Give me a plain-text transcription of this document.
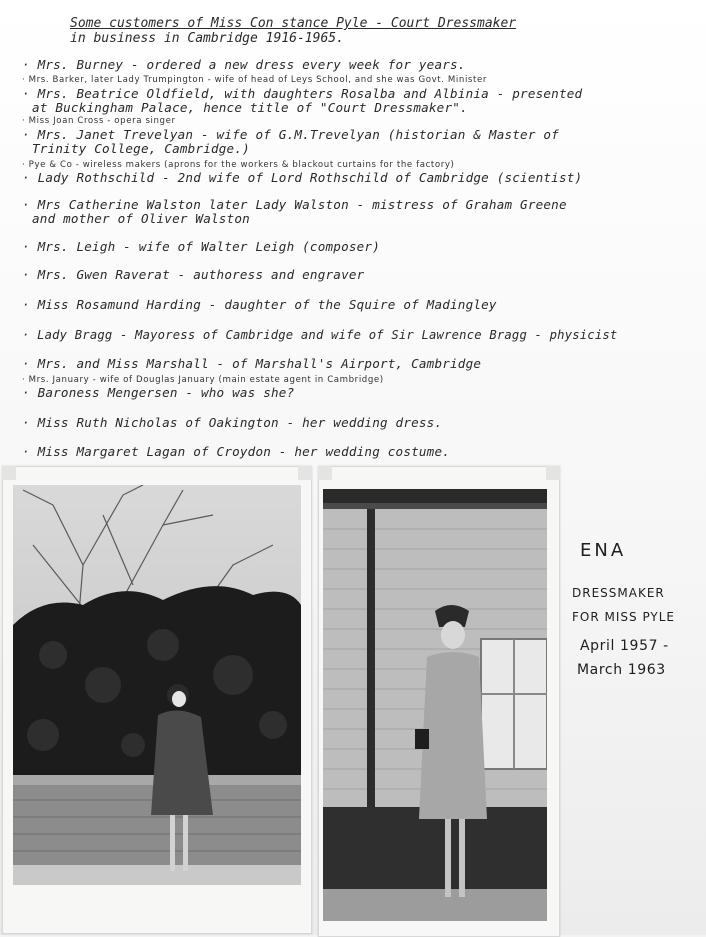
Some customers of Miss Con stance Pyle - Court Dressmaker
in business in Cambridge 1916-1965.
· Mrs. Burney - ordered a new dress every week for years.
· Mrs. Barker, later Lady Trumpington - wife of head of Leys School, and she was Govt. Minister
· Mrs. Beatrice Oldfield, with daughters Rosalba and Albinia - presented
at Buckingham Palace, hence title of "Court Dressmaker".
· Miss Joan Cross - opera singer
· Mrs. Janet Trevelyan - wife of G.M.Trevelyan (historian & Master of
Trinity College, Cambridge.)
· Pye & Co - wireless makers (aprons for the workers & blackout curtains for the factory)
· Lady Rothschild - 2nd wife of Lord Rothschild of Cambridge (scientist)
· Mrs Catherine Walston later Lady Walston - mistress of Graham Greene
and mother of Oliver Walston
· Mrs. Leigh - wife of Walter Leigh (composer)
· Mrs. Gwen Raverat - authoress and engraver
· Miss Rosamund Harding - daughter of the Squire of Madingley
· Lady Bragg - Mayoress of Cambridge and wife of Sir Lawrence Bragg - physicist
· Mrs. and Miss Marshall - of Marshall's Airport, Cambridge
· Mrs. January - wife of Douglas January (main estate agent in Cambridge)
· Baroness Mengersen - who was she?
· Miss Ruth Nicholas of Oakington - her wedding dress.
· Miss Margaret Lagan of Croydon - her wedding costume.
ENA
DRESSMAKER
FOR MISS PYLE
April 1957 -
March 1963
